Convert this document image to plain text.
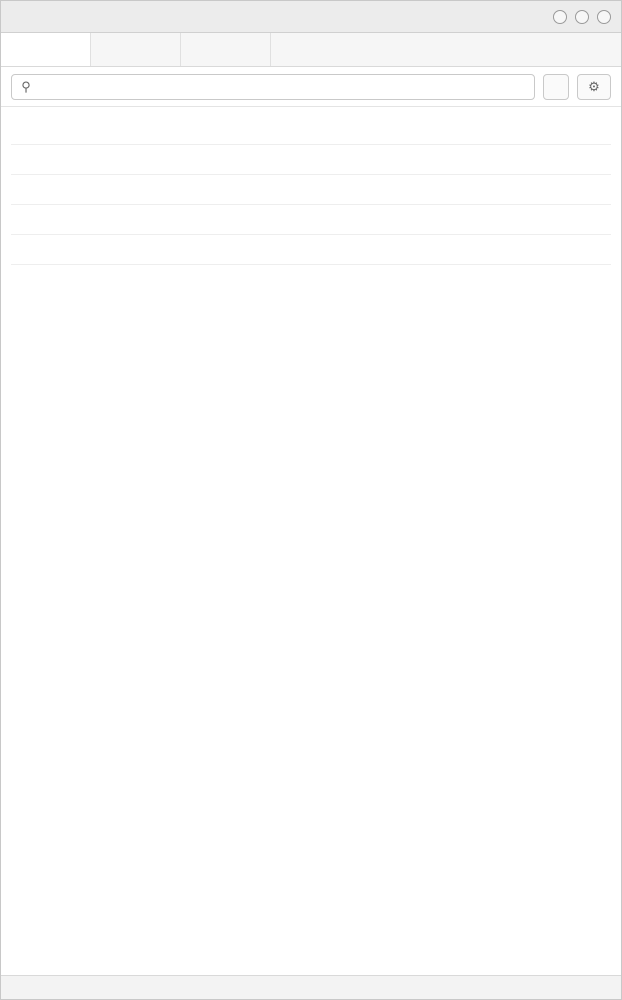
⚲	⚙
